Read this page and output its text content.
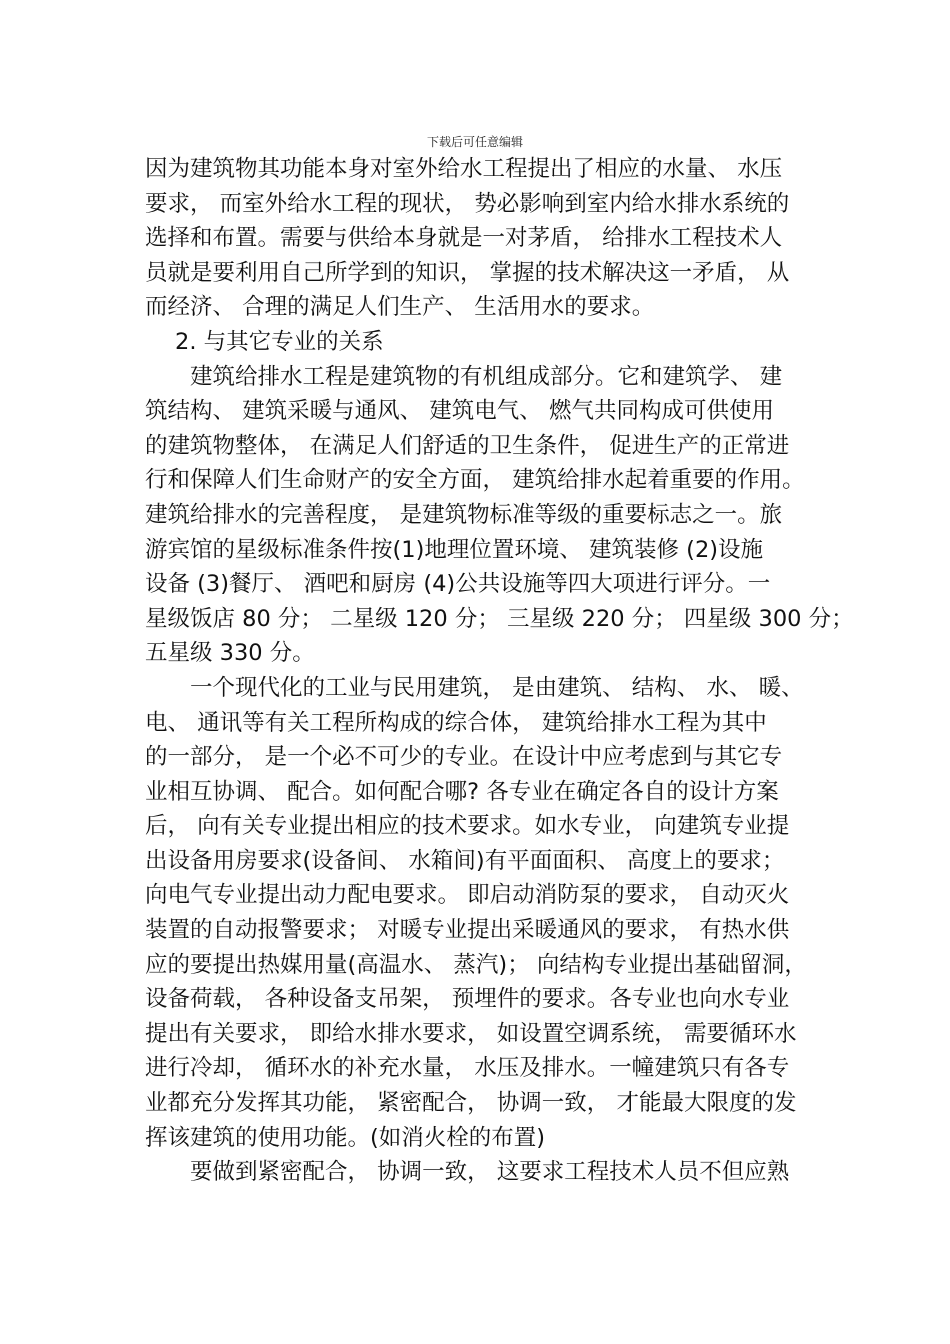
下载后可任意编辑
因为建筑物其功能本身对室外给水工程提出了相应的水量、 水压
要求， 而室外给水工程的现状， 势必影响到室内给水排水系统的
选择和布置。需要与供给本身就是一对茅盾， 给排水工程技术人
员就是要利用自己所学到的知识， 掌握的技术解决这一矛盾， 从
而经济、 合理的满足人们生产、 生活用水的要求。
2. 与其它专业的关系
建筑给排水工程是建筑物的有机组成部分。它和建筑学、 建
筑结构、 建筑采暖与通风、 建筑电气、 燃气共同构成可供使用
的建筑物整体， 在满足人们舒适的卫生条件， 促进生产的正常进
行和保障人们生命财产的安全方面， 建筑给排水起着重要的作用。
建筑给排水的完善程度， 是建筑物标准等级的重要标志之一。旅
游宾馆的星级标准条件按(1)地理位置环境、 建筑装修 (2)设施
设备 (3)餐厅、 酒吧和厨房 (4)公共设施等四大项进行评分。一
星级饭店 80 分； 二星级 120 分； 三星级 220 分； 四星级 300 分；
五星级 330 分。
一个现代化的工业与民用建筑， 是由建筑、 结构、 水、 暖、
电、 通讯等有关工程所构成的综合体， 建筑给排水工程为其中
的一部分， 是一个必不可少的专业。在设计中应考虑到与其它专
业相互协调、 配合。如何配合哪? 各专业在确定各自的设计方案
后， 向有关专业提出相应的技术要求。如水专业， 向建筑专业提
出设备用房要求(设备间、 水箱间)有平面面积、 高度上的要求；
向电气专业提出动力配电要求。 即启动消防泵的要求， 自动灭火
装置的自动报警要求； 对暖专业提出采暖通风的要求， 有热水供
应的要提出热媒用量(高温水、 蒸汽)； 向结构专业提出基础留洞，
设备荷载， 各种设备支吊架， 预埋件的要求。各专业也向水专业
提出有关要求， 即给水排水要求， 如设置空调系统， 需要循环水
进行冷却， 循环水的补充水量， 水压及排水。一幢建筑只有各专
业都充分发挥其功能， 紧密配合， 协调一致， 才能最大限度的发
挥该建筑的使用功能。(如消火栓的布置)
要做到紧密配合， 协调一致， 这要求工程技术人员不但应熟
